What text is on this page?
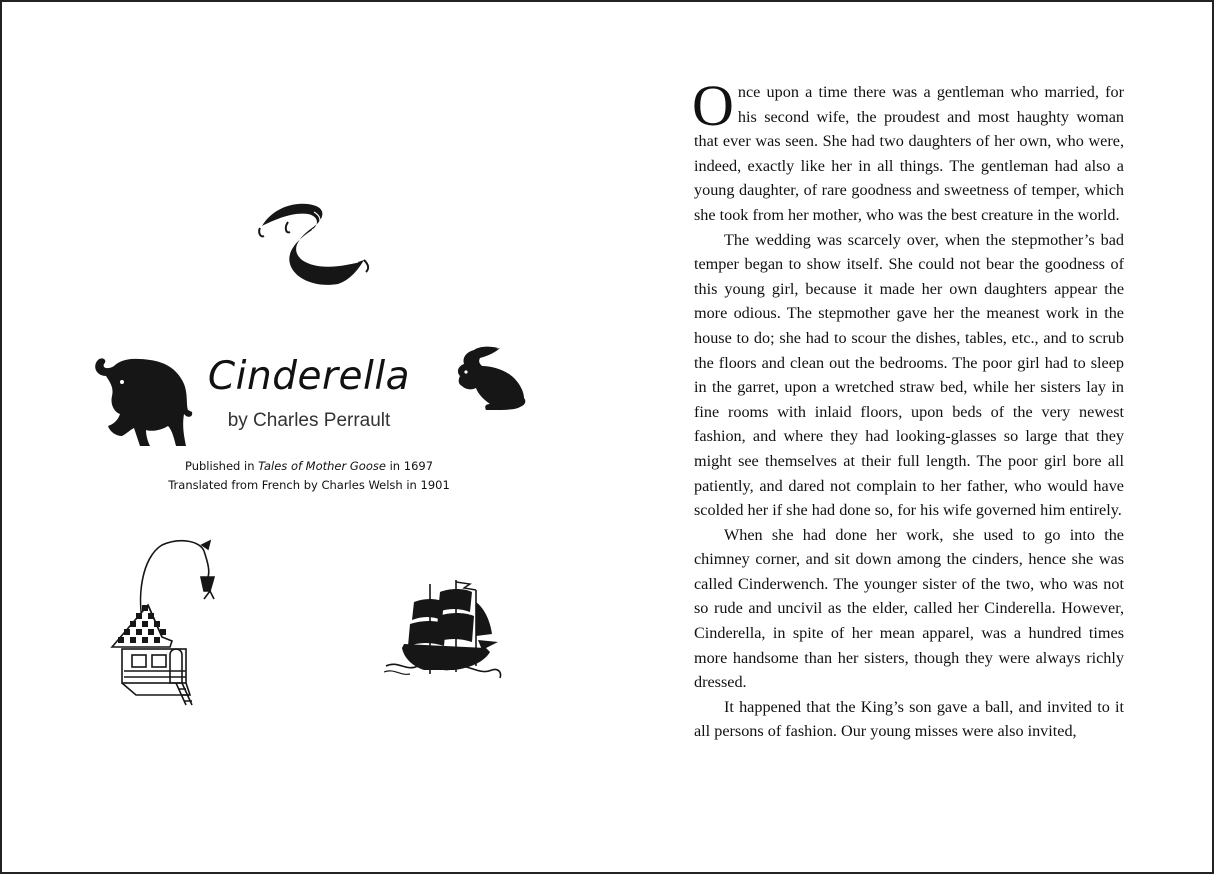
Cinderella
by Charles Perrault
Published in Tales of Mother Goose in 1697
Translated from French by Charles Welsh in 1901

Once upon a time there was a gentleman who married, for his second wife, the proudest and most haughty woman that ever was seen. She had two daughters of her own, who were, indeed, exactly like her in all things. The gentleman had also a young daughter, of rare goodness and sweetness of temper, which she took from her mother, who was the best creature in the world.

The wedding was scarcely over, when the stepmother’s bad temper began to show itself. She could not bear the goodness of this young girl, because it made her own daughters appear the more odious. The stepmother gave her the meanest work in the house to do; she had to scour the dishes, tables, etc., and to scrub the floors and clean out the bedrooms. The poor girl had to sleep in the garret, upon a wretched straw bed, while her sisters lay in fine rooms with inlaid floors, upon beds of the very newest fashion, and where they had looking-glasses so large that they might see themselves at their full length. The poor girl bore all patiently, and dared not complain to her father, who would have scolded her if she had done so, for his wife governed him entirely.

When she had done her work, she used to go into the chimney corner, and sit down among the cinders, hence she was called Cinderwench. The younger sister of the two, who was not so rude and uncivil as the elder, called her Cinderella. However, Cinderella, in spite of her mean apparel, was a hundred times more handsome than her sisters, though they were always richly dressed.

It happened that the King’s son gave a ball, and invited to it all persons of fashion. Our young misses were also invited,
